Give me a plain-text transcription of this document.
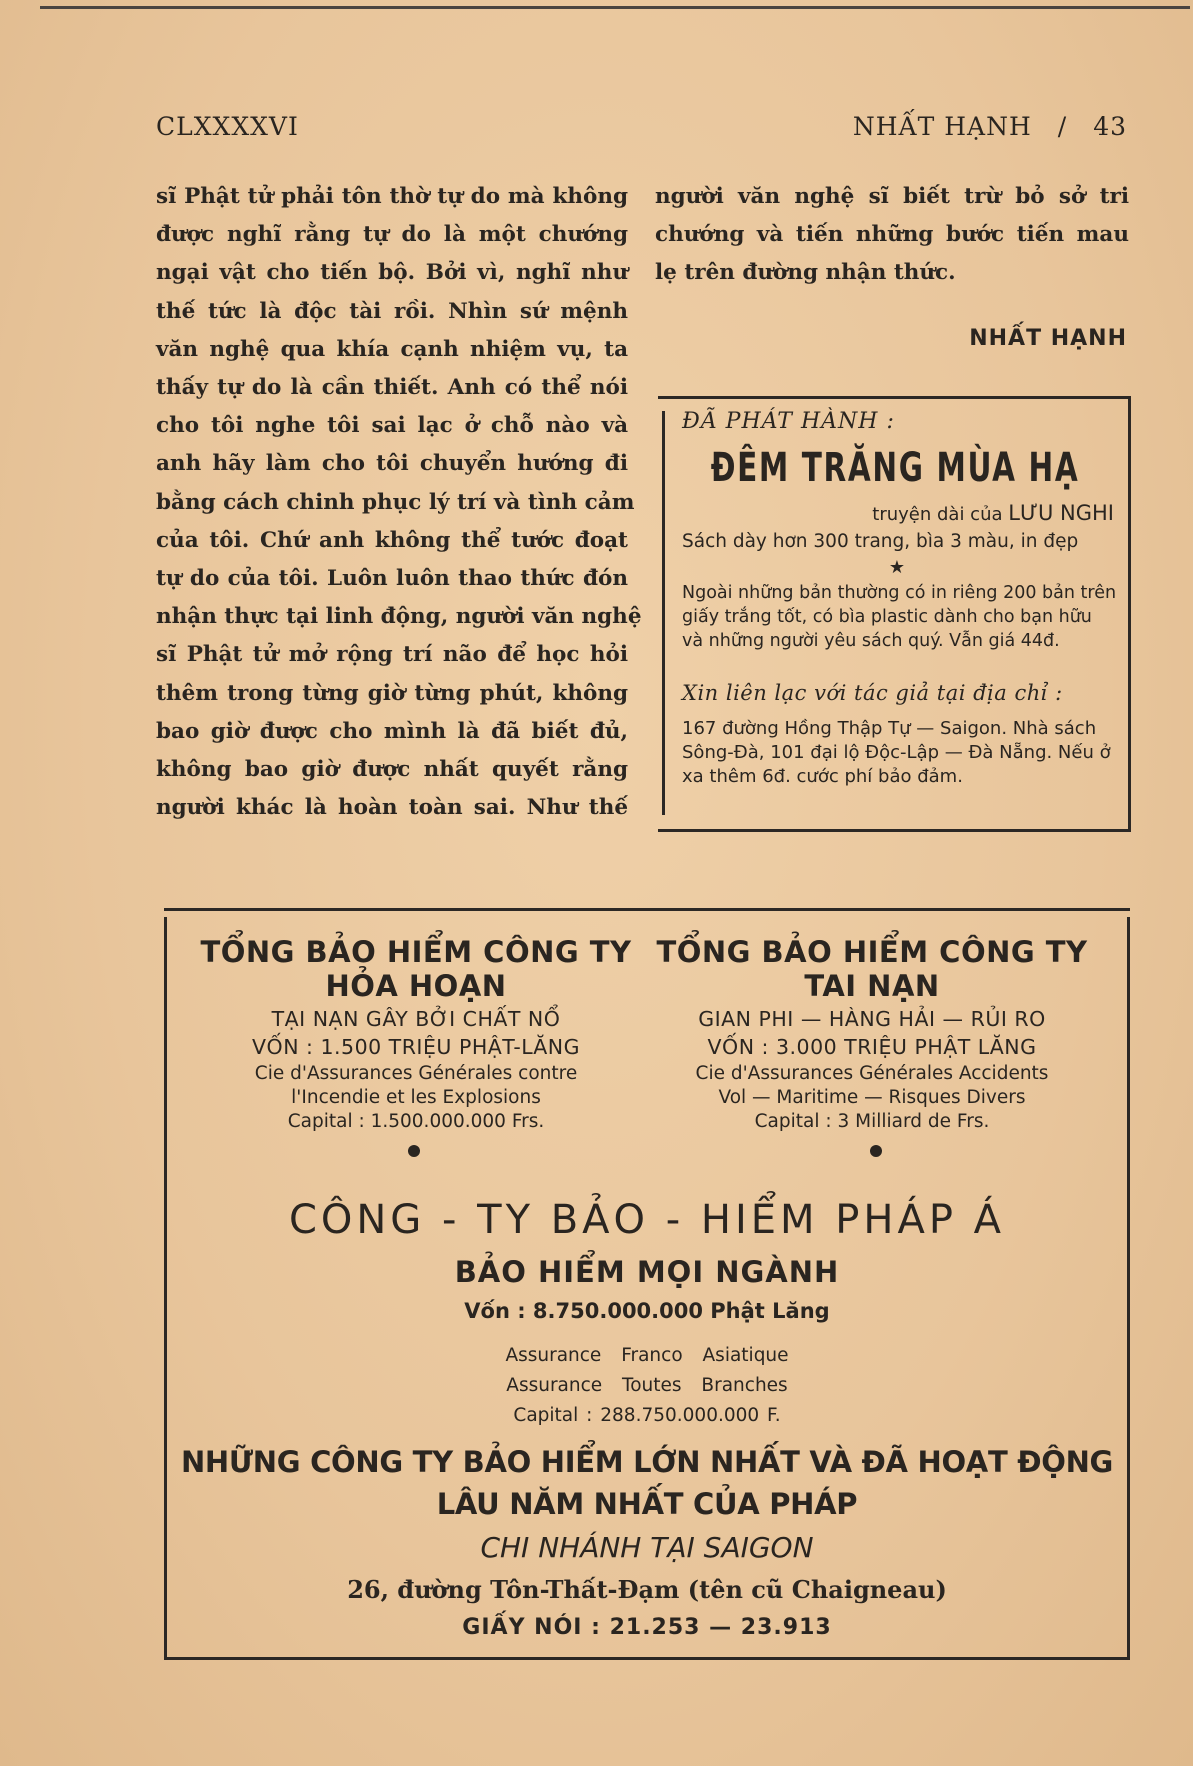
CLXXXXVI	NHẤT HẠNH / 43

sĩ Phật tử phải tôn thờ tự do mà không
được nghĩ rằng tự do là một chướng
ngại vật cho tiến bộ. Bởi vì, nghĩ như
thế tức là độc tài rồi. Nhìn sứ mệnh
văn nghệ qua khía cạnh nhiệm vụ, ta
thấy tự do là cần thiết. Anh có thể nói
cho tôi nghe tôi sai lạc ở chỗ nào và
anh hãy làm cho tôi chuyển hướng đi
bằng cách chinh phục lý trí và tình cảm
của tôi. Chứ anh không thể tước đoạt
tự do của tôi. Luôn luôn thao thức đón
nhận thực tại linh động, người văn nghệ
sĩ Phật tử mở rộng trí não để học hỏi
thêm trong từng giờ từng phút, không
bao giờ được cho mình là đã biết đủ,
không bao giờ được nhất quyết rằng
người khác là hoàn toàn sai. Như thế

người văn nghệ sĩ biết trừ bỏ sở tri
chướng và tiến những bước tiến mau

lẹ trên đường nhận thức.

NHẤT HẠNH
ĐÃ PHÁT HÀNH :
ĐÊM TRĂNG MÙA HẠ
truyện dài của LƯU NGHI
Sách dày hơn 300 trang, bìa 3 màu, in đẹp
★
Ngoài những bản thường có in riêng 200 bản trên giấy trắng tốt, có bìa plastic dành cho bạn hữu và những người yêu sách quý. Vẫn giá 44đ.
Xin liên lạc với tác giả tại địa chỉ :
167 đường Hồng Thập Tự — Saigon. Nhà sách Sông-Đà, 101 đại lộ Độc-Lập — Đà Nẵng. Nếu ở xa thêm 6đ. cước phí bảo đảm.
TỔNG BẢO HIỂM CÔNG TY
HỎA HOẠN
TẠI NẠN GÂY BỞI CHẤT NỔ
VỐN : 1.500 TRIỆU PHẬT-LĂNG
Cie d'Assurances Générales contre
l'Incendie et les Explosions
Capital : 1.500.000.000 Frs.
TỔNG BẢO HIỂM CÔNG TY
TAI NẠN
GIAN PHI — HÀNG HẢI — RỦI RO
VỐN : 3.000 TRIỆU PHẬT LĂNG
Cie d'Assurances Générales Accidents
Vol — Maritime — Risques Divers
Capital : 3 Milliard de Frs.
CÔNG - TY BẢO - HIỂM PHÁP Á
BẢO HIỂM MỌI NGÀNH
Vốn : 8.750.000.000 Phật Lăng
Assurance Franco Asiatique
Assurance Toutes Branches
Capital : 288.750.000.000 F.
NHỮNG CÔNG TY BẢO HIỂM LỚN NHẤT VÀ ĐÃ HOẠT ĐỘNG
LÂU NĂM NHẤT CỦA PHÁP
CHI NHÁNH TẠI SAIGON
26, đường Tôn-Thất-Đạm (tên cũ Chaigneau)
GIẤY NÓI : 21.253 — 23.913
